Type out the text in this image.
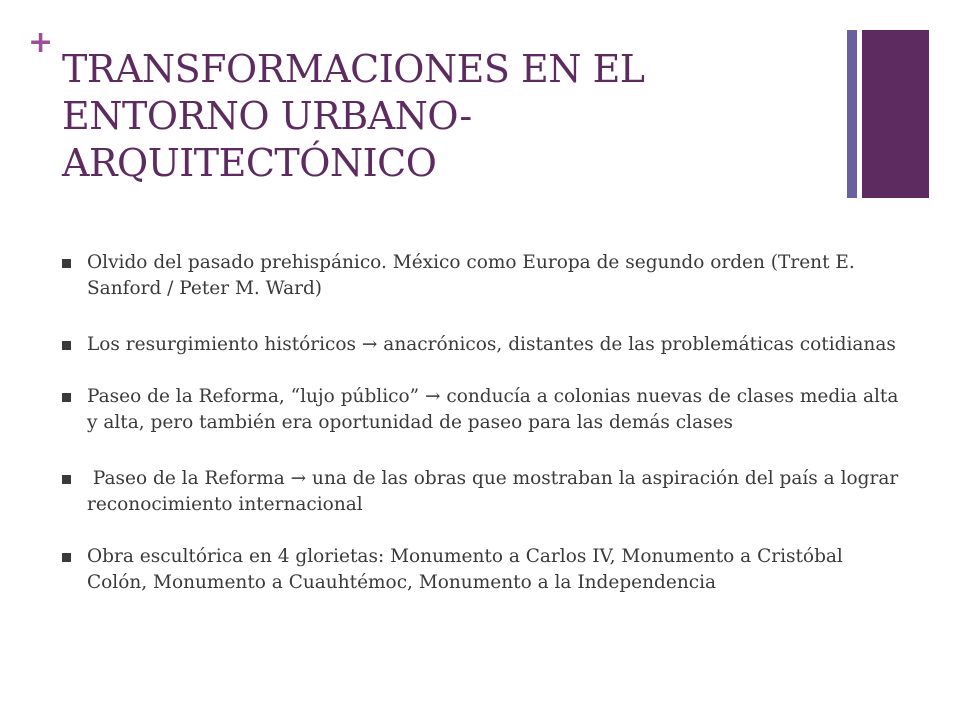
+
TRANSFORMACIONES EN EL
ENTORNO URBANO-
ARQUITECTÓNICO
Olvido del pasado prehispánico. México como Europa de segundo orden (Trent E. Sanford / Peter M. Ward)
Los resurgimiento históricos → anacrónicos, distantes de las problemáticas cotidianas
Paseo de la Reforma, “lujo público” → conducía a colonias nuevas de clases media alta y alta, pero también era oportunidad de paseo para las demás clases
Paseo de la Reforma → una de las obras que mostraban la aspiración del país a lograr reconocimiento internacional
Obra escultórica en 4 glorietas: Monumento a Carlos IV, Monumento a Cristóbal Colón, Monumento a Cuauhtémoc, Monumento a la Independencia
